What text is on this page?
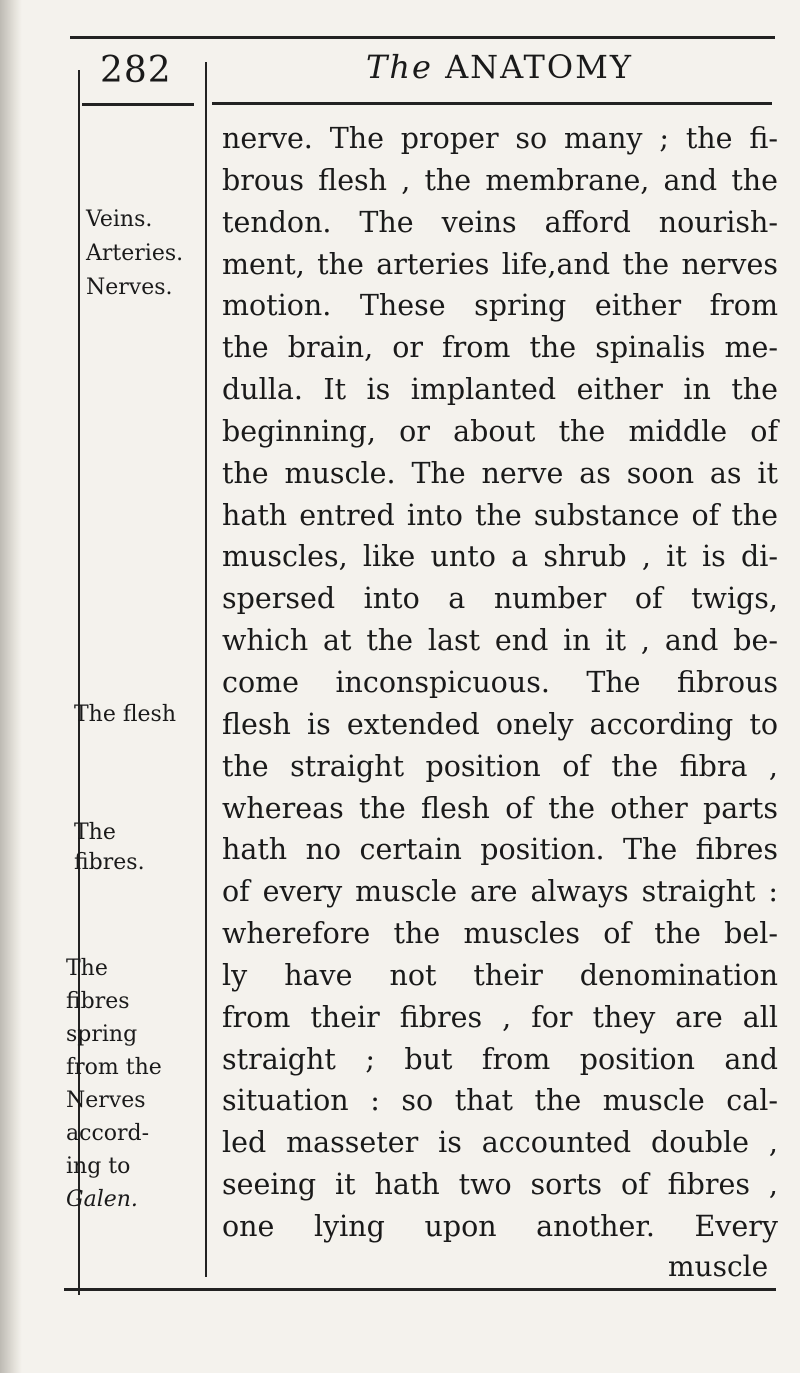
282	The ANATOMY
Veins.
Arteries.
Nerves.
The flesh
The
fibres.
The
fibres
spring
from the
Nerves
accord-
ing to
Galen.
nerve. The proper so many ; the fi-
brous flesh , the membrane, and the
tendon. The veins afford nourish-
ment, the arteries life,and the nerves
motion. These spring either from
the brain, or from the spinalis me-
dulla. It is implanted either in the
beginning, or about the middle of
the muscle. The nerve as soon as it
hath entred into the substance of the
muscles, like unto a shrub , it is di-
spersed into a number of twigs,
which at the last end in it , and be-
come inconspicuous. The fibrous
flesh is extended onely according to
the straight position of the fibra ,
whereas the flesh of the other parts
hath no certain position. The fibres
of every muscle are always straight :
wherefore the muscles of the bel-
ly have not their denomination
from their fibres , for they are all
straight ; but from position and
situation : so that the muscle cal-
led masseter is accounted double ,
seeing it hath two sorts of fibres ,
one lying upon another. Every
muscle
